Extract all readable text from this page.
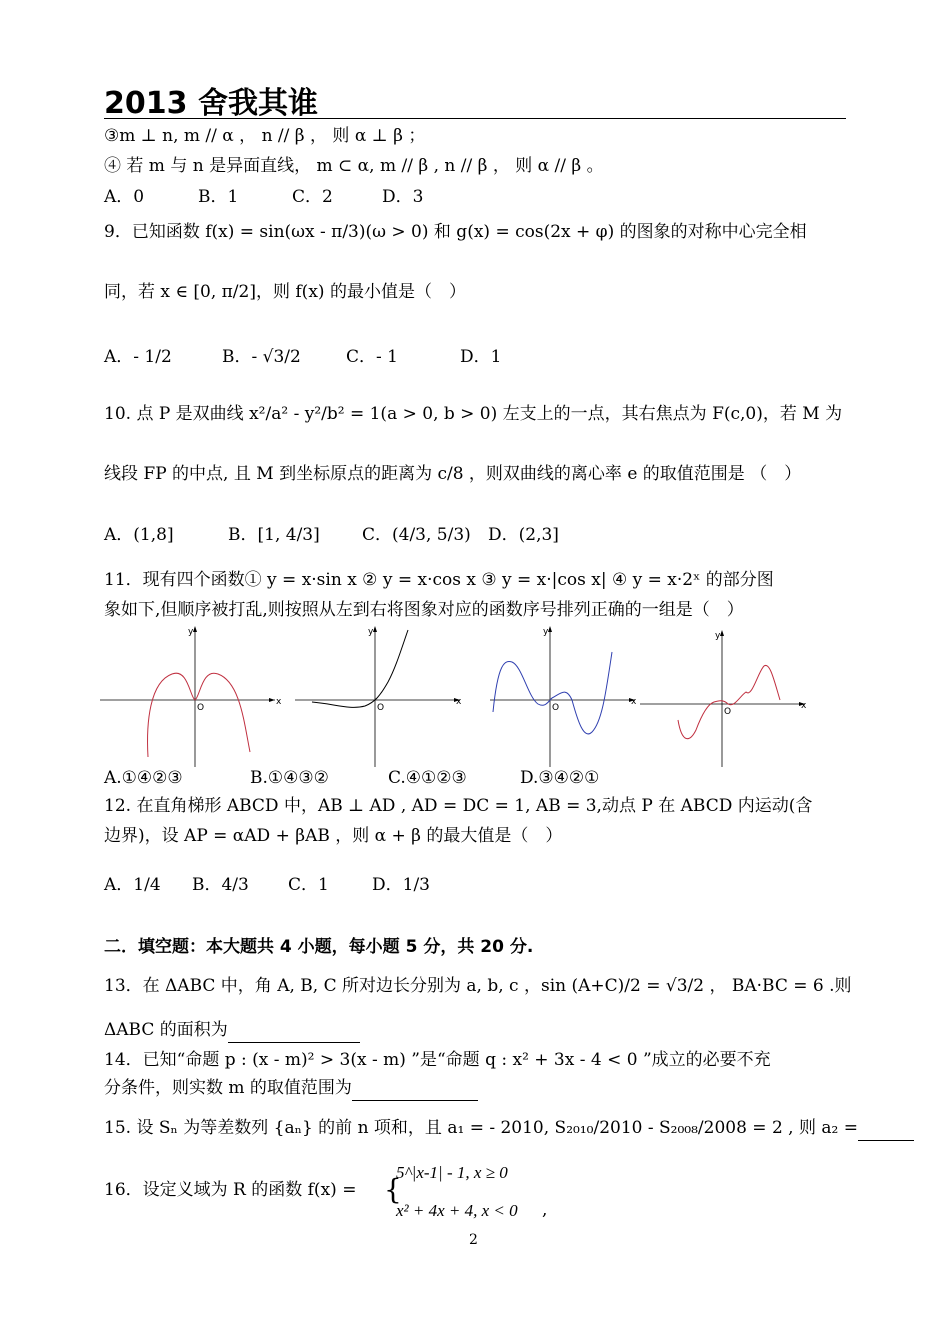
2013 舍我其谁
③m ⊥ n, m // α ， n // β ， 则 α ⊥ β ；
④ 若 m 与 n 是异面直线， m ⊂ α, m // β , n // β ， 则 α // β 。
A．0	B．1	C．2	D．3
9．已知函数 f(x) = sin(ωx - π/3)(ω > 0) 和 g(x) = cos(2x + φ) 的图象的对称中心完全相
同，若 x ∈ [0, π/2]，则 f(x) 的最小值是（　）
A．- 1/2	B．- √3/2	C．- 1	D．1
10. 点 P 是双曲线 x²/a² - y²/b² = 1(a > 0, b > 0) 左支上的一点，其右焦点为 F(c,0)，若 M 为
线段 FP 的中点, 且 M 到坐标原点的距离为 c/8 ，则双曲线的离心率 e 的取值范围是 （　）
A．(1,8]	B．[1, 4/3] C．(4/3, 5/3) D．(2,3]
11．现有四个函数① y = x·sin x ② y = x·cos x ③ y = x·|cos x| ④ y = x·2ˣ 的部分图
象如下,但顺序被打乱,则按照从左到右将图象对应的函数序号排列正确的一组是（　）
y
x
O
y
x
O
y
x
O
y
x
O
A.①④②③	B.①④③②	C.④①②③	D.③④②①
12. 在直角梯形 ABCD 中，AB ⊥ AD , AD = DC = 1, AB = 3,动点 P 在 ABCD 内运动(含
边界)，设 AP = αAD + βAB ，则 α + β 的最大值是（　）
A．1/4 B．4/3 C．1	D．1/3
二．填空题：本大题共 4 小题，每小题 5 分，共 20 分.
13．在 ΔABC 中，角 A, B, C 所对边长分别为 a, b, c ，sin (A+C)/2 = √3/2 ， BA·BC = 6 .则
ΔABC 的面积为
14．已知“命题 p : (x - m)² > 3(x - m) ”是“命题 q : x² + 3x - 4 < 0 ”成立的必要不充
分条件，则实数 m 的取值范围为
15. 设 Sₙ 为等差数列 {aₙ} 的前 n 项和，且 a₁ = - 2010, S₂₀₁₀/2010 - S₂₀₀₈/2008 = 2 , 则 a₂ =
16．设定义域为 R 的函数 f(x) = {
5^|x-1| - 1, x ≥ 0
x² + 4x + 4, x < 0 ,
2
